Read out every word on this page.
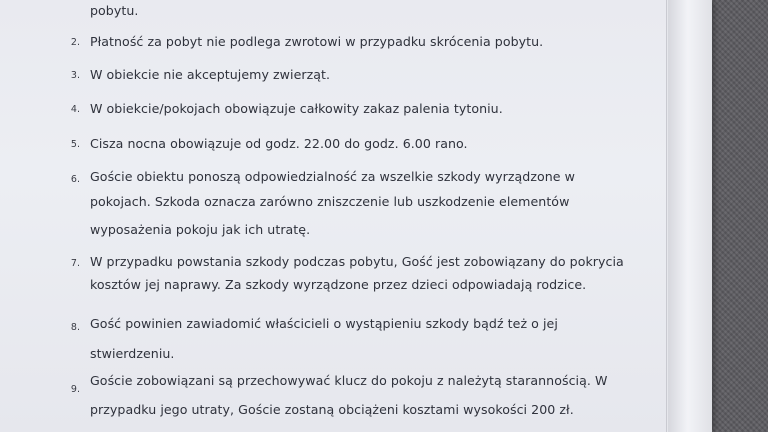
pobytu.
2. Płatność za pobyt nie podlega zwrotowi w przypadku skrócenia pobytu.
3. W obiekcie nie akceptujemy zwierząt.
4. W obiekcie/pokojach obowiązuje całkowity zakaz palenia tytoniu.
5. Cisza nocna obowiązuje od godz. 22.00 do godz. 6.00 rano.
6. Goście obiektu ponoszą odpowiedzialność za wszelkie szkody wyrządzone w
pokojach. Szkoda oznacza zarówno zniszczenie lub uszkodzenie elementów
wyposażenia pokoju jak ich utratę.
7. W przypadku powstania szkody podczas pobytu, Gość jest zobowiązany do pokrycia
kosztów jej naprawy. Za szkody wyrządzone przez dzieci odpowiadają rodzice.
8. Gość powinien zawiadomić właścicieli o wystąpieniu szkody bądź też o jej
stwierdzeniu.
9.
Goście zobowiązani są przechowywać klucz do pokoju z należytą starannością. W
przypadku jego utraty, Goście zostaną obciążeni kosztami wysokości 200 zł.
